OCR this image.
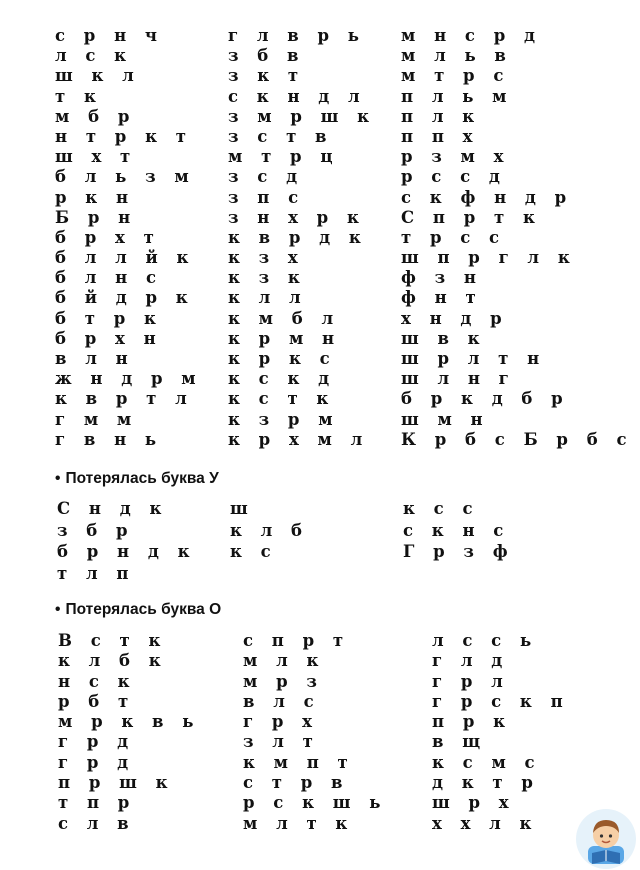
с р н ч
л с к
ш к л
т к
м б р
н т р к т
ш х т
б л ь з м
р к н
Б р н
б р х т
б л л й к
б л н с
б й д р к
б т р к
б р х н
в л н
ж н д р м
к в р т л
г м м
г в н ь
г л в р ь
з б в
з к т
с к н д л
з м р ш к
з с т в
м т р ц
з с д
з п с
з н х р к
к в р д к
к з х
к з к
к л л
к м б л
к р м н
к р к с
к с к д
к с т к
к з р м
к р х м л
м н с р д
м л ь в
м т р с
п л ь м
п л к
п п х
р з м х
р с с д
с к ф н д р
С п р т к
т р с с
ш п р г л к
ф з н
ф н т
х н д р
ш в к
ш р л т н
ш л н г
б р к д б р
ш м н
К р б с Б р б с
• Потерялась буква У
С н д к
з б р
б р н д к
т л п
ш
к л б
к с
к с с
с к н с
Г р з ф
• Потерялась буква О
В с т к
к л б к
н с к
р б т
м р к в ь
г р д
г р д
п р ш к
т п р
с л в
с п р т
м л к
м р з
в л с
г р х
з л т
к м п т
с т р в
р с к ш ь
м л т к
л с с ь
г л д
г р л
г р с к п
п р к
в щ
к с м с
д к т р
ш р х
х х л к
